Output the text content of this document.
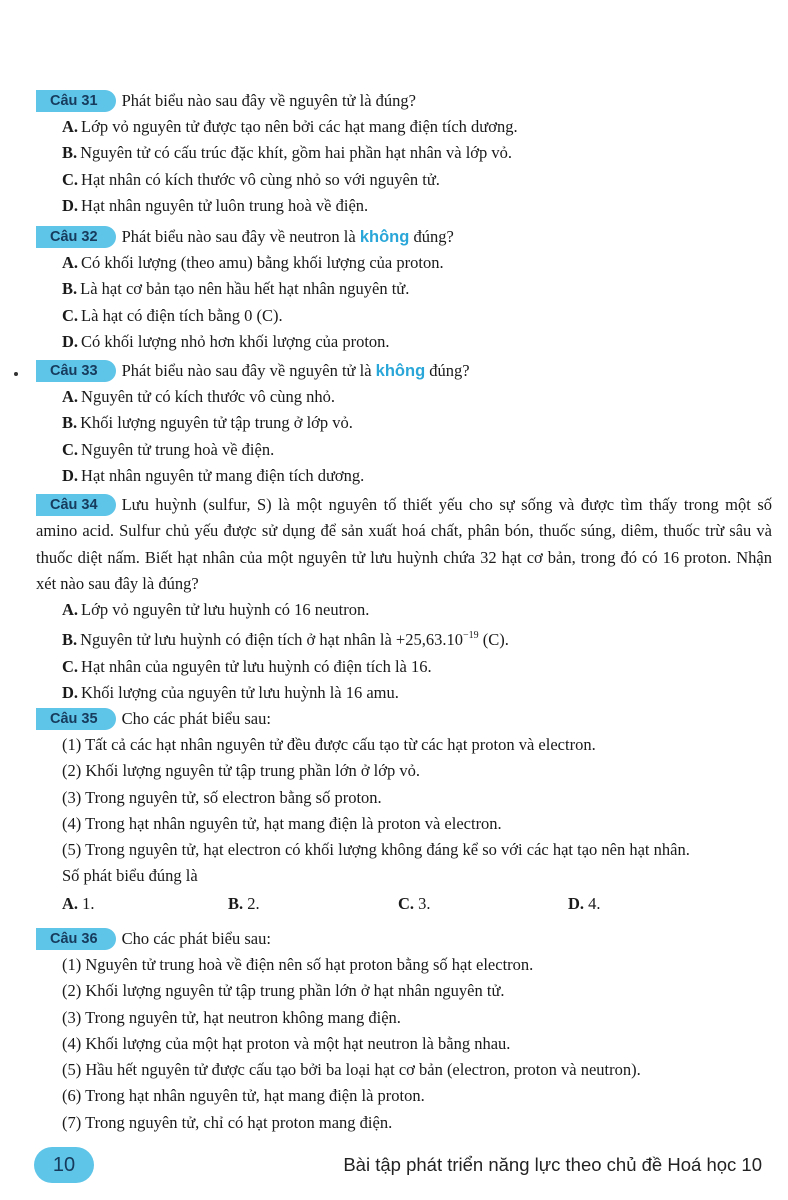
Câu 31 Phát biểu nào sau đây về nguyên tử là đúng?
A. Lớp vỏ nguyên tử được tạo nên bởi các hạt mang điện tích dương.
B. Nguyên tử có cấu trúc đặc khít, gồm hai phần hạt nhân và lớp vỏ.
C. Hạt nhân có kích thước vô cùng nhỏ so với nguyên tử.
D. Hạt nhân nguyên tử luôn trung hoà về điện.
Câu 32 Phát biểu nào sau đây về neutron là không đúng?
A. Có khối lượng (theo amu) bằng khối lượng của proton.
B. Là hạt cơ bản tạo nên hầu hết hạt nhân nguyên tử.
C. Là hạt có điện tích bằng 0 (C).
D. Có khối lượng nhỏ hơn khối lượng của proton.
Câu 33 Phát biểu nào sau đây về nguyên tử là không đúng?
A. Nguyên tử có kích thước vô cùng nhỏ.
B. Khối lượng nguyên tử tập trung ở lớp vỏ.
C. Nguyên tử trung hoà về điện.
D. Hạt nhân nguyên tử mang điện tích dương.
Câu 34 Lưu huỳnh (sulfur, S) là một nguyên tố thiết yếu cho sự sống và được tìm thấy trong một số amino acid. Sulfur chủ yếu được sử dụng để sản xuất hoá chất, phân bón, thuốc súng, diêm, thuốc trừ sâu và thuốc diệt nấm. Biết hạt nhân của một nguyên tử lưu huỳnh chứa 32 hạt cơ bản, trong đó có 16 proton. Nhận xét nào sau đây là đúng?
A. Lớp vỏ nguyên tử lưu huỳnh có 16 neutron.
B. Nguyên tử lưu huỳnh có điện tích ở hạt nhân là $+25,63.10^{-19}$ (C).
C. Hạt nhân của nguyên tử lưu huỳnh có điện tích là 16.
D. Khối lượng của nguyên tử lưu huỳnh là 16 amu.
Câu 35 Cho các phát biểu sau:
(1) Tất cả các hạt nhân nguyên tử đều được cấu tạo từ các hạt proton và electron.
(2) Khối lượng nguyên tử tập trung phần lớn ở lớp vỏ.
(3) Trong nguyên tử, số electron bằng số proton.
(4) Trong hạt nhân nguyên tử, hạt mang điện là proton và electron.
(5) Trong nguyên tử, hạt electron có khối lượng không đáng kể so với các hạt tạo nên hạt nhân.
Số phát biểu đúng là
A. 1.	B. 2.	C. 3.	D. 4.
Câu 36 Cho các phát biểu sau:
(1) Nguyên tử trung hoà về điện nên số hạt proton bằng số hạt electron.
(2) Khối lượng nguyên tử tập trung phần lớn ở hạt nhân nguyên tử.
(3) Trong nguyên tử, hạt neutron không mang điện.
(4) Khối lượng của một hạt proton và một hạt neutron là bằng nhau.
(5) Hầu hết nguyên tử được cấu tạo bởi ba loại hạt cơ bản (electron, proton và neutron).
(6) Trong hạt nhân nguyên tử, hạt mang điện là proton.
(7) Trong nguyên tử, chỉ có hạt proton mang điện.
10	Bài tập phát triển năng lực theo chủ đề Hoá học 10
